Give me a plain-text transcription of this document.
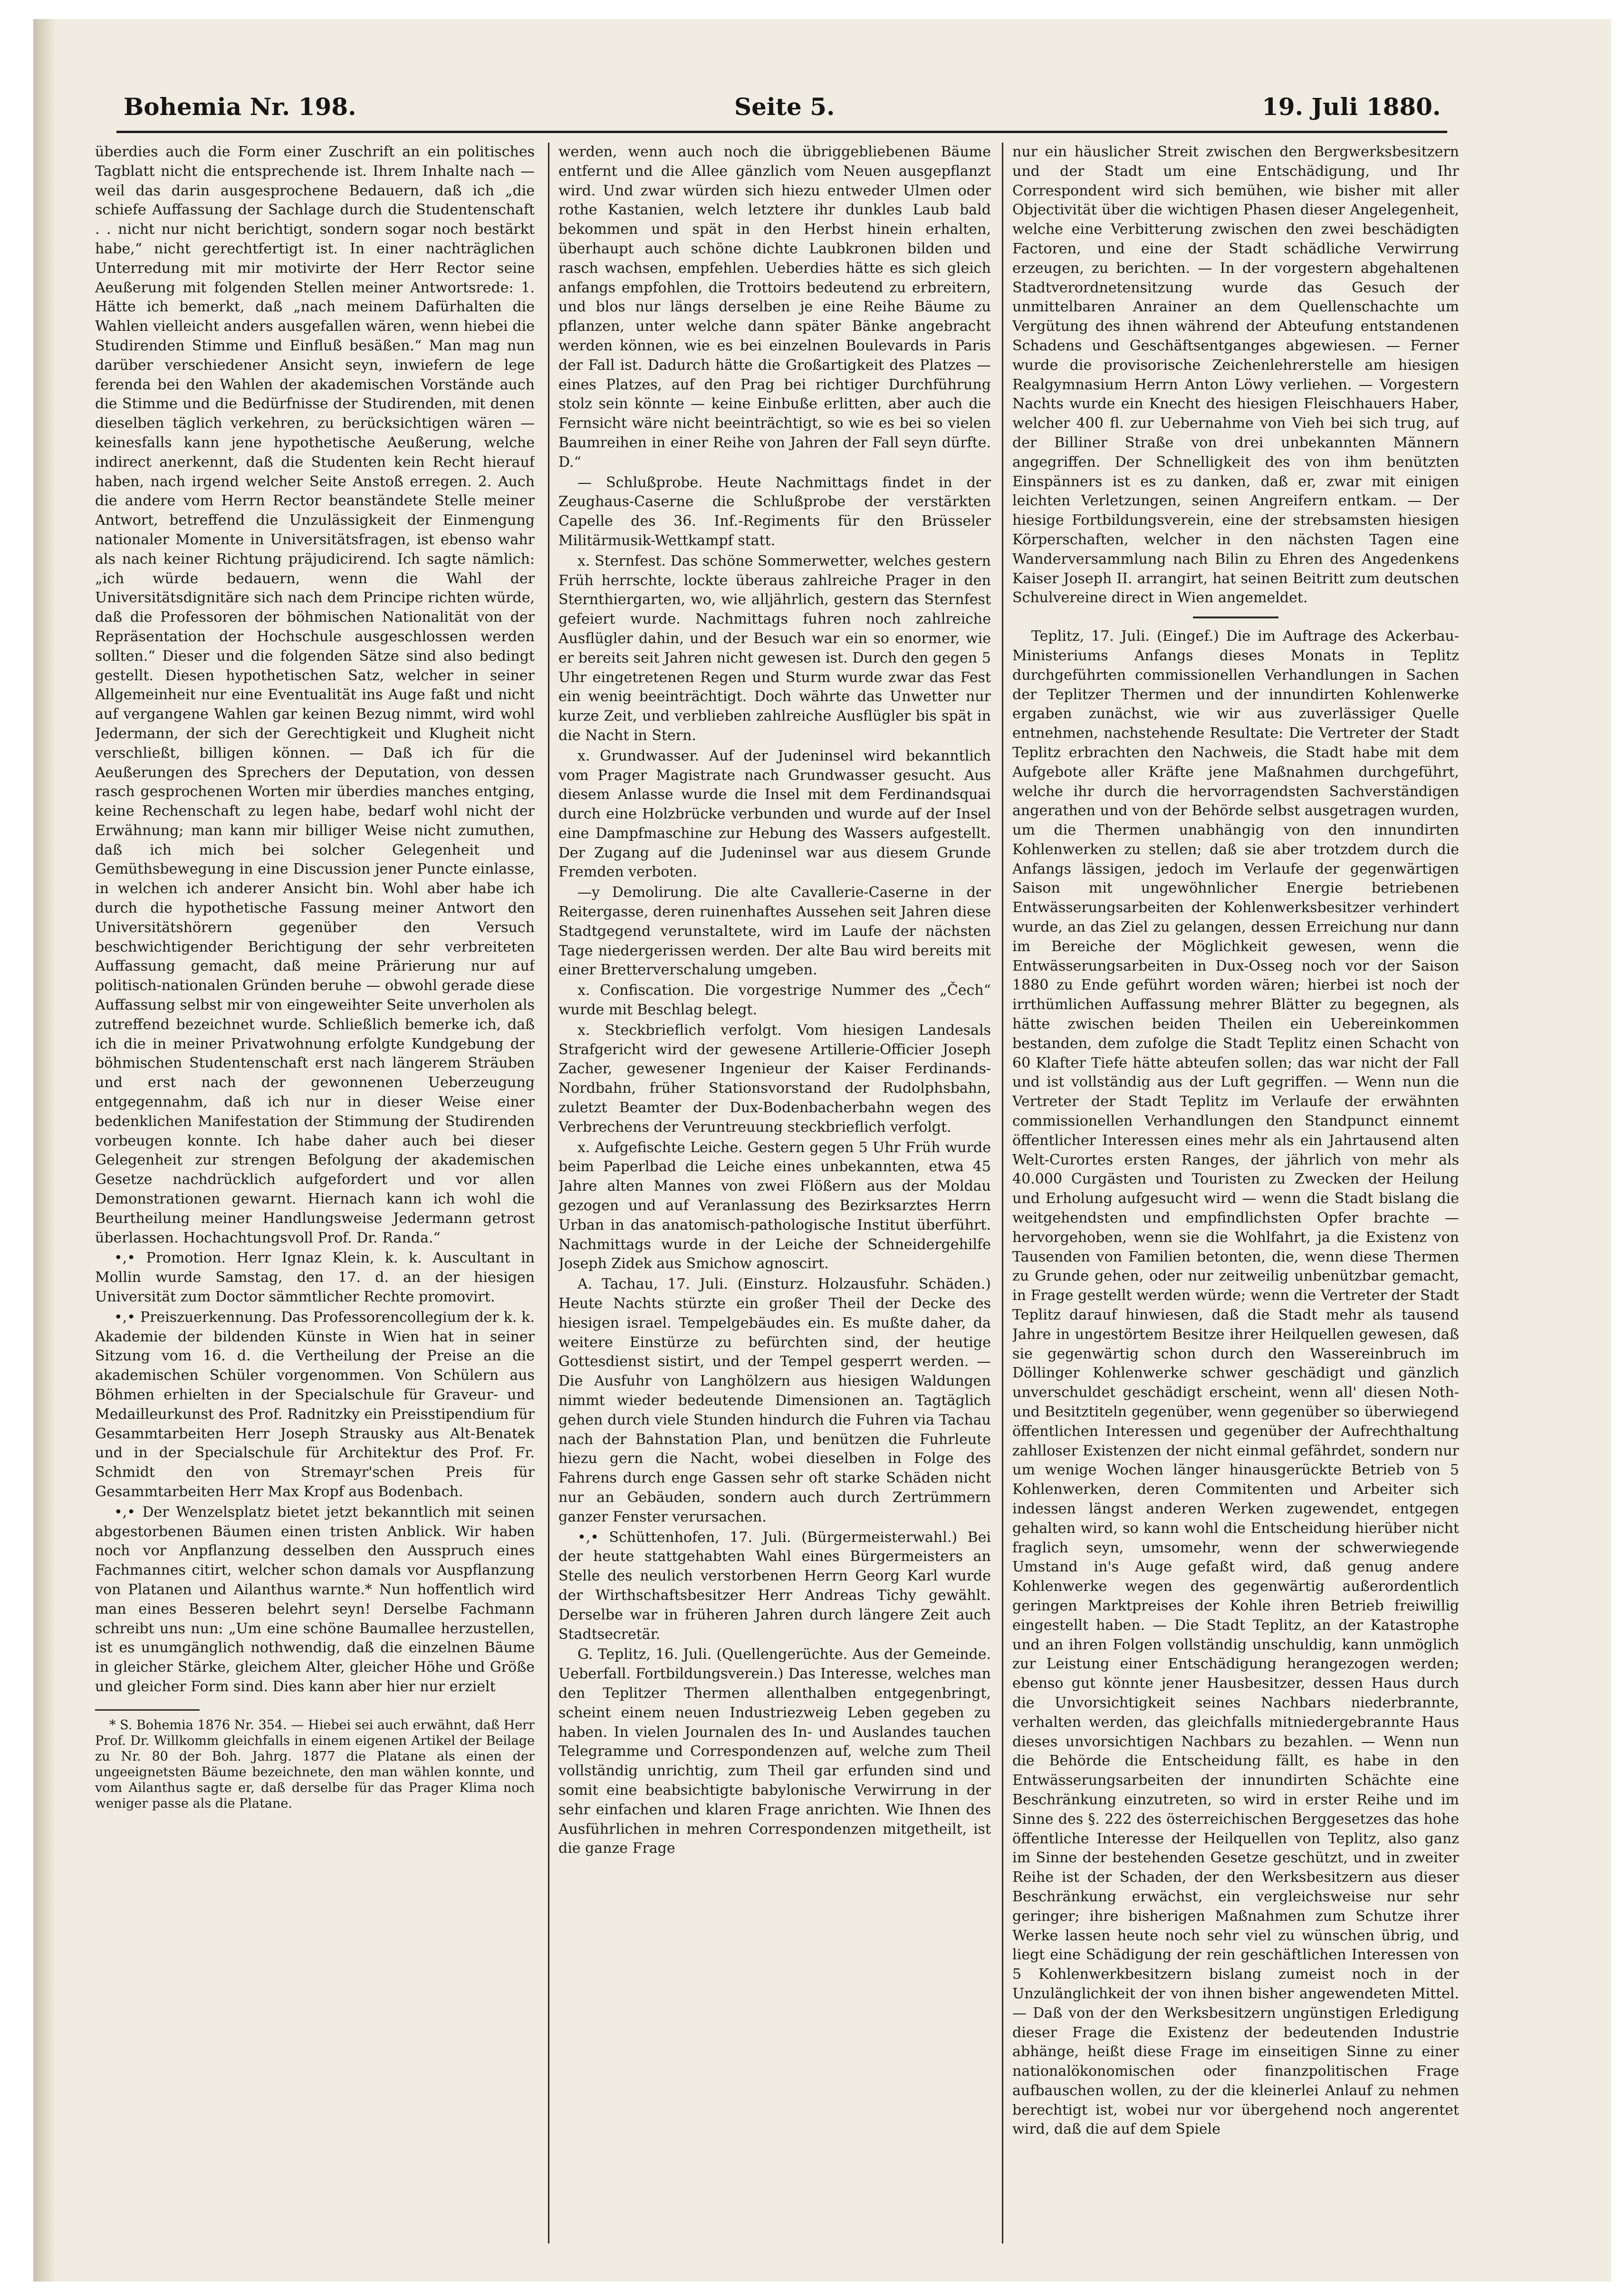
Bohemia Nr. 198.	Seite 5.	19. Juli 1880.

überdies auch die Form einer Zuschrift an ein politisches Tagblatt nicht die entsprechende ist. Ihrem Inhalte nach — weil das darin ausgesprochene Bedauern, daß ich „die schiefe Auffassung der Sachlage durch die Studentenschaft . . nicht nur nicht berichtigt, sondern sogar noch bestärkt habe,“ nicht gerechtfertigt ist. In einer nachträglichen Unterredung mit mir motivirte der Herr Rector seine Aeußerung mit folgenden Stellen meiner Antwortsrede: 1. Hätte ich bemerkt, daß „nach meinem Dafürhalten die Wahlen vielleicht anders ausgefallen wären, wenn hiebei die Studirenden Stimme und Einfluß besäßen.“ Man mag nun darüber verschiedener Ansicht seyn, inwiefern de lege ferenda bei den Wahlen der akademischen Vorstände auch die Stimme und die Bedürfnisse der Studirenden, mit denen dieselben täglich verkehren, zu berücksichtigen wären — keinesfalls kann jene hypothetische Aeußerung, welche indirect anerkennt, daß die Studenten kein Recht hierauf haben, nach irgend welcher Seite Anstoß erregen. 2. Auch die andere vom Herrn Rector beanständete Stelle meiner Antwort, betreffend die Unzulässigkeit der Einmengung nationaler Momente in Universitätsfragen, ist ebenso wahr als nach keiner Richtung präjudicirend. Ich sagte nämlich: „ich würde bedauern, wenn die Wahl der Universitätsdignitäre sich nach dem Principe richten würde, daß die Professoren der böhmischen Nationalität von der Repräsentation der Hochschule ausgeschlossen werden sollten.“ Dieser und die folgenden Sätze sind also bedingt gestellt. Diesen hypothetischen Satz, welcher in seiner Allgemeinheit nur eine Eventualität ins Auge faßt und nicht auf vergangene Wahlen gar keinen Bezug nimmt, wird wohl Jedermann, der sich der Gerechtigkeit und Klugheit nicht verschließt, billigen können. — Daß ich für die Aeußerungen des Sprechers der Deputation, von dessen rasch gesprochenen Worten mir überdies manches entging, keine Rechenschaft zu legen habe, bedarf wohl nicht der Erwähnung; man kann mir billiger Weise nicht zumuthen, daß ich mich bei solcher Gelegenheit und Gemüthsbewegung in eine Discussion jener Puncte einlasse, in welchen ich anderer Ansicht bin. Wohl aber habe ich durch die hypothetische Fassung meiner Antwort den Universitätshörern gegenüber den Versuch beschwichtigender Berichtigung der sehr verbreiteten Auffassung gemacht, daß meine Prärierung nur auf politisch-nationalen Gründen beruhe — obwohl gerade diese Auffassung selbst mir von eingeweihter Seite unverholen als zutreffend bezeichnet wurde. Schließlich bemerke ich, daß ich die in meiner Privatwohnung erfolgte Kundgebung der böhmischen Studentenschaft erst nach längerem Sträuben und erst nach der gewonnenen Ueberzeugung entgegennahm, daß ich nur in dieser Weise einer bedenklichen Manifestation der Stimmung der Studirenden vorbeugen konnte. Ich habe daher auch bei dieser Gelegenheit zur strengen Befolgung der akademischen Gesetze nachdrücklich aufgefordert und vor allen Demonstrationen gewarnt. Hiernach kann ich wohl die Beurtheilung meiner Handlungsweise Jedermann getrost überlassen. Hochachtungsvoll Prof. Dr. Randa.“

•,• Promotion. Herr Ignaz Klein, k. k. Auscultant in Mollin wurde Samstag, den 17. d. an der hiesigen Universität zum Doctor sämmtlicher Rechte promovirt.

•,• Preiszuerkennung. Das Professorencollegium der k. k. Akademie der bildenden Künste in Wien hat in seiner Sitzung vom 16. d. die Vertheilung der Preise an die akademischen Schüler vorgenommen. Von Schülern aus Böhmen erhielten in der Specialschule für Graveur- und Medailleurkunst des Prof. Radnitzky ein Preisstipendium für Gesammtarbeiten Herr Joseph Strausky aus Alt-Benatek und in der Specialschule für Architektur des Prof. Fr. Schmidt den von Stremayr'schen Preis für Gesammtarbeiten Herr Max Kropf aus Bodenbach.

•,• Der Wenzelsplatz bietet jetzt bekanntlich mit seinen abgestorbenen Bäumen einen tristen Anblick. Wir haben noch vor Anpflanzung desselben den Ausspruch eines Fachmannes citirt, welcher schon damals vor Auspflanzung von Platanen und Ailanthus warnte.* Nun hoffentlich wird man eines Besseren belehrt seyn! Derselbe Fachmann schreibt uns nun: „Um eine schöne Baumallee herzustellen, ist es unumgänglich nothwendig, daß die einzelnen Bäume in gleicher Stärke, gleichem Alter, gleicher Höhe und Größe und gleicher Form sind. Dies kann aber hier nur erzielt

* S. Bohemia 1876 Nr. 354. — Hiebei sei auch erwähnt, daß Herr Prof. Dr. Willkomm gleichfalls in einem eigenen Artikel der Beilage zu Nr. 80 der Boh. Jahrg. 1877 die Platane als einen der ungeeignetsten Bäume bezeichnete, den man wählen konnte, und vom Ailanthus sagte er, daß derselbe für das Prager Klima noch weniger passe als die Platane.

werden, wenn auch noch die übriggebliebenen Bäume entfernt und die Allee gänzlich vom Neuen ausgepflanzt wird. Und zwar würden sich hiezu entweder Ulmen oder rothe Kastanien, welch letztere ihr dunkles Laub bald bekommen und spät in den Herbst hinein erhalten, überhaupt auch schöne dichte Laubkronen bilden und rasch wachsen, empfehlen. Ueberdies hätte es sich gleich anfangs empfohlen, die Trottoirs bedeutend zu erbreitern, und blos nur längs derselben je eine Reihe Bäume zu pflanzen, unter welche dann später Bänke angebracht werden können, wie es bei einzelnen Boulevards in Paris der Fall ist. Dadurch hätte die Großartigkeit des Platzes — eines Platzes, auf den Prag bei richtiger Durchführung stolz sein könnte — keine Einbuße erlitten, aber auch die Fernsicht wäre nicht beeinträchtigt, so wie es bei so vielen Baumreihen in einer Reihe von Jahren der Fall seyn dürfte. D.“

— Schlußprobe. Heute Nachmittags findet in der Zeughaus-Caserne die Schlußprobe der verstärkten Capelle des 36. Inf.-Regiments für den Brüsseler Militärmusik-Wettkampf statt.

x. Sternfest. Das schöne Sommerwetter, welches gestern Früh herrschte, lockte überaus zahlreiche Prager in den Sternthiergarten, wo, wie alljährlich, gestern das Sternfest gefeiert wurde. Nachmittags fuhren noch zahlreiche Ausflügler dahin, und der Besuch war ein so enormer, wie er bereits seit Jahren nicht gewesen ist. Durch den gegen 5 Uhr eingetretenen Regen und Sturm wurde zwar das Fest ein wenig beeinträchtigt. Doch währte das Unwetter nur kurze Zeit, und verblieben zahlreiche Ausflügler bis spät in die Nacht in Stern.

x. Grundwasser. Auf der Judeninsel wird bekanntlich vom Prager Magistrate nach Grundwasser gesucht. Aus diesem Anlasse wurde die Insel mit dem Ferdinandsquai durch eine Holzbrücke verbunden und wurde auf der Insel eine Dampfmaschine zur Hebung des Wassers aufgestellt. Der Zugang auf die Judeninsel war aus diesem Grunde Fremden verboten.

—y Demolirung. Die alte Cavallerie-Caserne in der Reitergasse, deren ruinenhaftes Aussehen seit Jahren diese Stadtgegend verunstaltete, wird im Laufe der nächsten Tage niedergerissen werden. Der alte Bau wird bereits mit einer Bretterverschalung umgeben.

x. Confiscation. Die vorgestrige Nummer des „Čech“ wurde mit Beschlag belegt.

x. Steckbrieflich verfolgt. Vom hiesigen Landesals Strafgericht wird der gewesene Artillerie-Officier Joseph Zacher, gewesener Ingenieur der Kaiser Ferdinands-Nordbahn, früher Stationsvorstand der Rudolphsbahn, zuletzt Beamter der Dux-Bodenbacherbahn wegen des Verbrechens der Veruntreuung steckbrieflich verfolgt.

x. Aufgefischte Leiche. Gestern gegen 5 Uhr Früh wurde beim Paperlbad die Leiche eines unbekannten, etwa 45 Jahre alten Mannes von zwei Flößern aus der Moldau gezogen und auf Veranlassung des Bezirksarztes Herrn Urban in das anatomisch-pathologische Institut überführt. Nachmittags wurde in der Leiche der Schneidergehilfe Joseph Zidek aus Smichow agnoscirt.

A. Tachau, 17. Juli. (Einsturz. Holzausfuhr. Schäden.) Heute Nachts stürzte ein großer Theil der Decke des hiesigen israel. Tempelgebäudes ein. Es mußte daher, da weitere Einstürze zu befürchten sind, der heutige Gottesdienst sistirt, und der Tempel gesperrt werden. — Die Ausfuhr von Langhölzern aus hiesigen Waldungen nimmt wieder bedeutende Dimensionen an. Tagtäglich gehen durch viele Stunden hindurch die Fuhren via Tachau nach der Bahnstation Plan, und benützen die Fuhrleute hiezu gern die Nacht, wobei dieselben in Folge des Fahrens durch enge Gassen sehr oft starke Schäden nicht nur an Gebäuden, sondern auch durch Zertrümmern ganzer Fenster verursachen.

•,• Schüttenhofen, 17. Juli. (Bürgermeisterwahl.) Bei der heute stattgehabten Wahl eines Bürgermeisters an Stelle des neulich verstorbenen Herrn Georg Karl wurde der Wirthschaftsbesitzer Herr Andreas Tichy gewählt. Derselbe war in früheren Jahren durch längere Zeit auch Stadtsecretär.

G. Teplitz, 16. Juli. (Quellengerüchte. Aus der Gemeinde. Ueberfall. Fortbildungsverein.) Das Interesse, welches man den Teplitzer Thermen allenthalben entgegenbringt, scheint einem neuen Industriezweig Leben gegeben zu haben. In vielen Journalen des In- und Auslandes tauchen Telegramme und Correspondenzen auf, welche zum Theil vollständig unrichtig, zum Theil gar erfunden sind und somit eine beabsichtigte babylonische Verwirrung in der sehr einfachen und klaren Frage anrichten. Wie Ihnen des Ausführlichen in mehren Correspondenzen mitgetheilt, ist die ganze Frage

nur ein häuslicher Streit zwischen den Bergwerksbesitzern und der Stadt um eine Entschädigung, und Ihr Correspondent wird sich bemühen, wie bisher mit aller Objectivität über die wichtigen Phasen dieser Angelegenheit, welche eine Verbitterung zwischen den zwei beschädigten Factoren, und eine der Stadt schädliche Verwirrung erzeugen, zu berichten. — In der vorgestern abgehaltenen Stadtverordnetensitzung wurde das Gesuch der unmittelbaren Anrainer an dem Quellenschachte um Vergütung des ihnen während der Abteufung entstandenen Schadens und Geschäftsentganges abgewiesen. — Ferner wurde die provisorische Zeichenlehrerstelle am hiesigen Realgymnasium Herrn Anton Löwy verliehen. — Vorgestern Nachts wurde ein Knecht des hiesigen Fleischhauers Haber, welcher 400 fl. zur Uebernahme von Vieh bei sich trug, auf der Billiner Straße von drei unbekannten Männern angegriffen. Der Schnelligkeit des von ihm benützten Einspänners ist es zu danken, daß er, zwar mit einigen leichten Verletzungen, seinen Angreifern entkam. — Der hiesige Fortbildungsverein, eine der strebsamsten hiesigen Körperschaften, welcher in den nächsten Tagen eine Wanderversammlung nach Bilin zu Ehren des Angedenkens Kaiser Joseph II. arrangirt, hat seinen Beitritt zum deutschen Schulvereine direct in Wien angemeldet.

Teplitz, 17. Juli. (Eingef.) Die im Auftrage des Ackerbau-Ministeriums Anfangs dieses Monats in Teplitz durchgeführten commissionellen Verhandlungen in Sachen der Teplitzer Thermen und der innundirten Kohlenwerke ergaben zunächst, wie wir aus zuverlässiger Quelle entnehmen, nachstehende Resultate: Die Vertreter der Stadt Teplitz erbrachten den Nachweis, die Stadt habe mit dem Aufgebote aller Kräfte jene Maßnahmen durchgeführt, welche ihr durch die hervorragendsten Sachverständigen angerathen und von der Behörde selbst ausgetragen wurden, um die Thermen unabhängig von den innundirten Kohlenwerken zu stellen; daß sie aber trotzdem durch die Anfangs lässigen, jedoch im Verlaufe der gegenwärtigen Saison mit ungewöhnlicher Energie betriebenen Entwässerungsarbeiten der Kohlenwerksbesitzer verhindert wurde, an das Ziel zu gelangen, dessen Erreichung nur dann im Bereiche der Möglichkeit gewesen, wenn die Entwässerungsarbeiten in Dux-Osseg noch vor der Saison 1880 zu Ende geführt worden wären; hierbei ist noch der irrthümlichen Auffassung mehrer Blätter zu begegnen, als hätte zwischen beiden Theilen ein Uebereinkommen bestanden, dem zufolge die Stadt Teplitz einen Schacht von 60 Klafter Tiefe hätte abteufen sollen; das war nicht der Fall und ist vollständig aus der Luft gegriffen. — Wenn nun die Vertreter der Stadt Teplitz im Verlaufe der erwähnten commissionellen Verhandlungen den Standpunct einnemt öffentlicher Interessen eines mehr als ein Jahrtausend alten Welt-Curortes ersten Ranges, der jährlich von mehr als 40.000 Curgästen und Touristen zu Zwecken der Heilung und Erholung aufgesucht wird — wenn die Stadt bislang die weitgehendsten und empfindlichsten Opfer brachte — hervorgehoben, wenn sie die Wohlfahrt, ja die Existenz von Tausenden von Familien betonten, die, wenn diese Thermen zu Grunde gehen, oder nur zeitweilig unbenützbar gemacht, in Frage gestellt werden würde; wenn die Vertreter der Stadt Teplitz darauf hinwiesen, daß die Stadt mehr als tausend Jahre in ungestörtem Besitze ihrer Heilquellen gewesen, daß sie gegenwärtig schon durch den Wassereinbruch im Döllinger Kohlenwerke schwer geschädigt und gänzlich unverschuldet geschädigt erscheint, wenn all' diesen Noth- und Besitztiteln gegenüber, wenn gegenüber so überwiegend öffentlichen Interessen und gegenüber der Aufrechthaltung zahlloser Existenzen der nicht einmal gefährdet, sondern nur um wenige Wochen länger hinausgerückte Betrieb von 5 Kohlenwerken, deren Commitenten und Arbeiter sich indessen längst anderen Werken zugewendet, entgegen gehalten wird, so kann wohl die Entscheidung hierüber nicht fraglich seyn, umsomehr, wenn der schwerwiegende Umstand in's Auge gefaßt wird, daß genug andere Kohlenwerke wegen des gegenwärtig außerordentlich geringen Marktpreises der Kohle ihren Betrieb freiwillig eingestellt haben. — Die Stadt Teplitz, an der Katastrophe und an ihren Folgen vollständig unschuldig, kann unmöglich zur Leistung einer Entschädigung herangezogen werden; ebenso gut könnte jener Hausbesitzer, dessen Haus durch die Unvorsichtigkeit seines Nachbars niederbrannte, verhalten werden, das gleichfalls mitniedergebrannte Haus dieses unvorsichtigen Nachbars zu bezahlen. — Wenn nun die Behörde die Entscheidung fällt, es habe in den Entwässerungsarbeiten der innundirten Schächte eine Beschränkung einzutreten, so wird in erster Reihe und im Sinne des §. 222 des österreichischen Berggesetzes das hohe öffentliche Interesse der Heilquellen von Teplitz, also ganz im Sinne der bestehenden Gesetze geschützt, und in zweiter Reihe ist der Schaden, der den Werksbesitzern aus dieser Beschränkung erwächst, ein vergleichsweise nur sehr geringer; ihre bisherigen Maßnahmen zum Schutze ihrer Werke lassen heute noch sehr viel zu wünschen übrig, und liegt eine Schädigung der rein geschäftlichen Interessen von 5 Kohlenwerkbesitzern bislang zumeist noch in der Unzulänglichkeit der von ihnen bisher angewendeten Mittel. — Daß von der den Werksbesitzern ungünstigen Erledigung dieser Frage die Existenz der bedeutenden Industrie abhänge, heißt diese Frage im einseitigen Sinne zu einer nationalökonomischen oder finanzpolitischen Frage aufbauschen wollen, zu der die kleinerlei Anlauf zu nehmen berechtigt ist, wobei nur vor übergehend noch angerentet wird, daß die auf dem Spiele
